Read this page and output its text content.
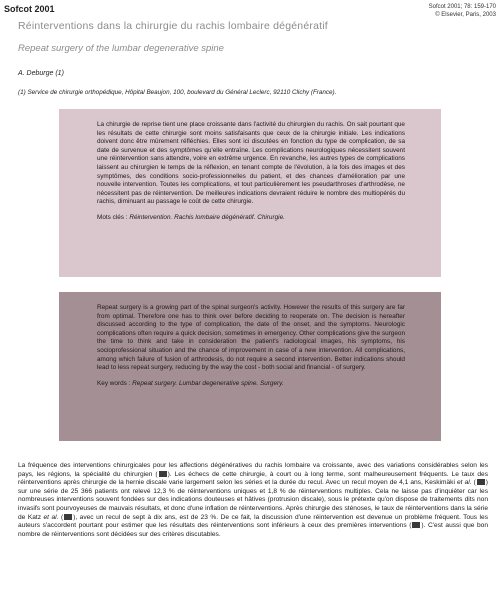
Sofcot 2001	Sofcot 2001; 78: 159-170
© Elsevier, Paris, 2003
Réinterventions dans la chirurgie du rachis lombaire dégénératif
Repeat surgery of the lumbar degenerative spine
A. Deburge (1)
(1) Service de chirurgie orthopédique, Hôpital Beaujon, 100, boulevard du Général Leclerc, 92110 Clichy (France).
La chirurgie de reprise tient une place croissante dans l'activité du chirurgien du rachis. On sait pourtant que les résultats de cette chirurgie sont moins satisfaisants que ceux de la chirurgie initiale. Les indications doivent donc être mûrement réfléchies. Elles sont ici discutées en fonction du type de complication, de sa date de survenue et des symptômes qu'elle entraîne. Les complications neurologiques nécessitent souvent une réintervention sans attendre, voire en extrême urgence. En revanche, les autres types de complications laissent au chirurgien le temps de la réflexion, en tenant compte de l'évolution, à la fois des images et des symptômes, des conditions socio-professionnelles du patient, et des chances d'amélioration par une nouvelle intervention. Toutes les complications, et tout particulièrement les pseudarthroses d'arthrodèse, ne nécessitent pas de réintervention. De meilleures indications devraient réduire le nombre des multiopérés du rachis, diminuant au passage le coût de cette chirurgie.
Mots clés : Réintervention. Rachis lombaire dégénératif. Chirurgie.
Repeat surgery is a growing part of the spinal surgeon's activity. However the results of this surgery are far from optimal. Therefore one has to think over before deciding to reoperate on. The decision is hereafter discussed according to the type of complication, the date of the onset, and the symptoms. Neurologic complications often require a quick decision, sometimes in emergency. Other complications give the surgeon the time to think and take in consideration the patient's radiological images, his symptoms, his socioprofessional situation and the chance of improvement in case of a new intervention. All complications, among which failure of fusion of arthrodesis, do not require a second intervention. Better indications should lead to less repeat surgery, reducing by the way the cost - both social and financial - of surgery.
Key words : Repeat surgery. Lumbar degenerative spine. Surgery.
La fréquence des interventions chirurgicales pour les affections dégénératives du rachis lombaire va croissante, avec des variations considérables selon les pays, les régions, la spécialité du chirurgien ( ). Les échecs de cette chirurgie, à court ou à long terme, sont malheureusement fréquents. Le taux des réinterventions après chirurgie de la hernie discale varie largement selon les séries et la durée du recul. Avec un recul moyen de 4,1 ans, Keskimäki et al. ( ) sur une série de 25 366 patients ont relevé 12,3 % de réinterventions uniques et 1,8 % de réinterventions multiples. Cela ne laisse pas d'inquiéter car les nombreuses interventions souvent fondées sur des indications douteuses et hâtives (protrusion discale), sous le prétexte qu'on dispose de traitements dits non invasifs sont pourvoyeuses de mauvais résultats, et donc d'une inflation de réinterventions. Après chirurgie des sténoses, le taux de réinterventions dans la série de Katz et al. ( ), avec un recul de sept à dix ans, est de 23 %. De ce fait, la discussion d'une réintervention est devenue un problème fréquent. Tous les auteurs s'accordent pourtant pour estimer que les résultats des réinterventions sont inférieurs à ceux des premières interventions ( ). C'est aussi que bon nombre de réinterventions sont décidées sur des critères discutables.
